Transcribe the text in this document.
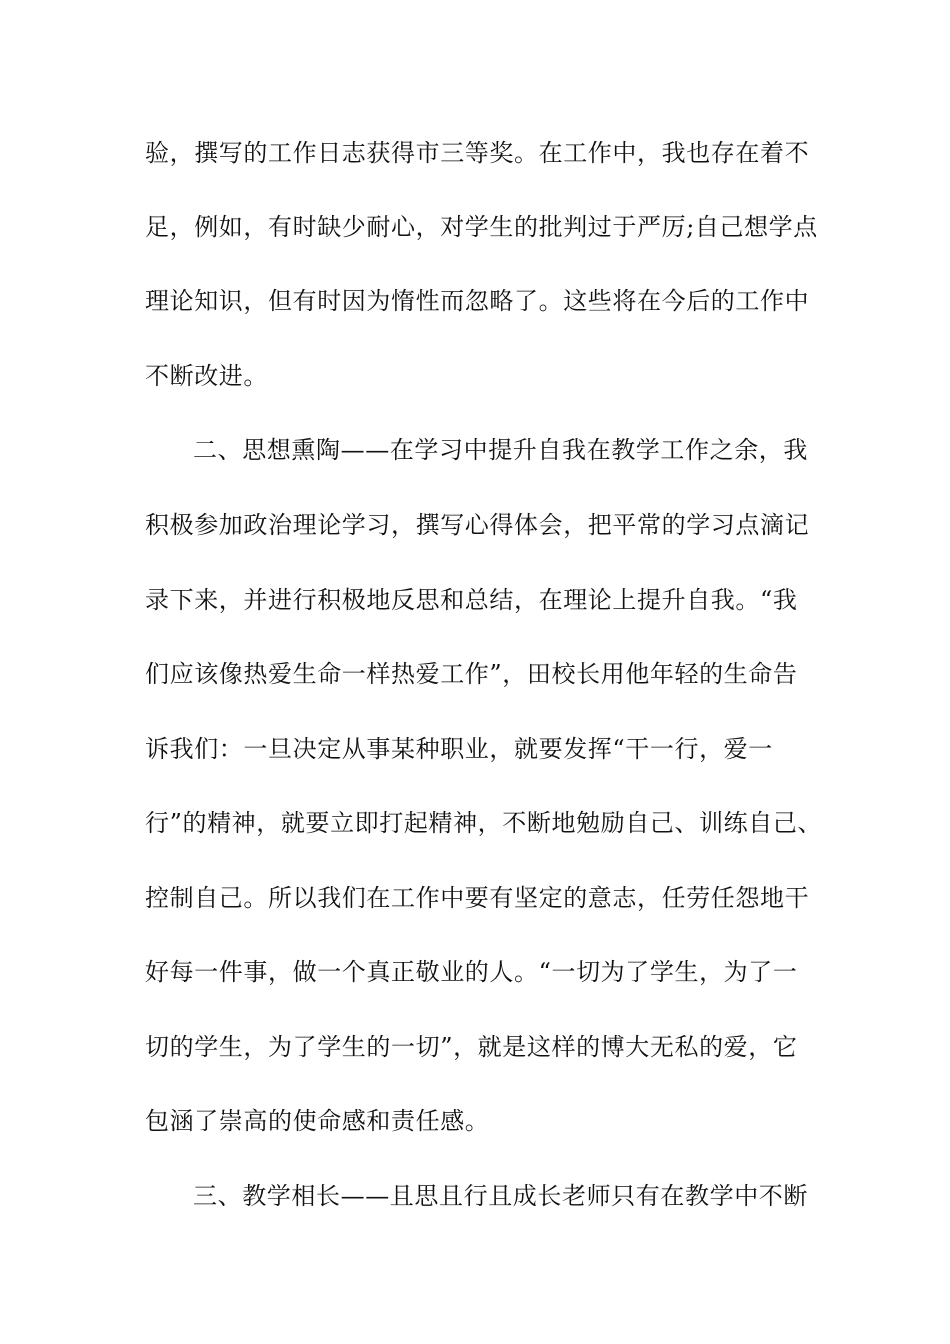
验，撰写的工作日志获得市三等奖。在工作中，我也存在着不
足，例如，有时缺少耐心，对学生的批判过于严厉;自己想学点
理论知识，但有时因为惰性而忽略了。这些将在今后的工作中
不断改进。
二、思想熏陶——在学习中提升自我在教学工作之余，我
积极参加政治理论学习，撰写心得体会，把平常的学习点滴记
录下来，并进行积极地反思和总结，在理论上提升自我。“我
们应该像热爱生命一样热爱工作”，田校长用他年轻的生命告
诉我们：一旦决定从事某种职业，就要发挥“干一行，爱一
行”的精神，就要立即打起精神，不断地勉励自己、训练自己、
控制自己。所以我们在工作中要有坚定的意志，任劳任怨地干
好每一件事，做一个真正敬业的人。“一切为了学生，为了一
切的学生，为了学生的一切”，就是这样的博大无私的爱，它
包涵了崇高的使命感和责任感。
三、教学相长——且思且行且成长老师只有在教学中不断
